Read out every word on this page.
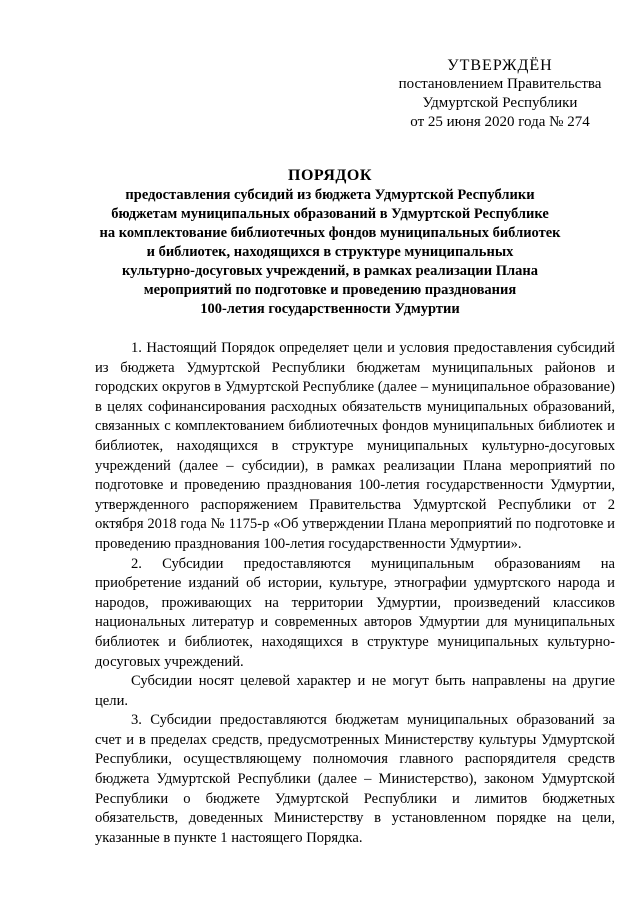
УТВЕРЖДЁН
постановлением Правительства
Удмуртской Республики
от 25 июня 2020 года № 274
ПОРЯДОК
предоставления субсидий из бюджета Удмуртской Республики
бюджетам муниципальных образований в Удмуртской Республике
на комплектование библиотечных фондов муниципальных библиотек
и библиотек, находящихся в структуре муниципальных
культурно-досуговых учреждений, в рамках реализации Плана
мероприятий по подготовке и проведению празднования
100-летия государственности Удмуртии

1. Настоящий Порядок определяет цели и условия предоставления субсидий из бюджета Удмуртской Республики бюджетам муниципальных районов и городских округов в Удмуртской Республике (далее – муниципальное образование) в целях софинансирования расходных обязательств муниципальных образований, связанных с комплектованием библиотечных фондов муниципальных библиотек и библиотек, находящихся в структуре муниципальных культурно-досуговых учреждений (далее – субсидии), в рамках реализации Плана мероприятий по подготовке и проведению празднования 100-летия государственности Удмуртии, утвержденного распоряжением Правительства Удмуртской Республики от 2 октября 2018 года № 1175-р «Об утверждении Плана мероприятий по подготовке и проведению празднования 100-летия государственности Удмуртии».

2. Субсидии предоставляются муниципальным образованиям на приобретение изданий об истории, культуре, этнографии удмуртского народа и народов, проживающих на территории Удмуртии, произведений классиков национальных литератур и современных авторов Удмуртии для муниципальных библиотек и библиотек, находящихся в структуре муниципальных культурно-досуговых учреждений.

Субсидии носят целевой характер и не могут быть направлены на другие цели.

3. Субсидии предоставляются бюджетам муниципальных образований за счет и в пределах средств, предусмотренных Министерству культуры Удмуртской Республики, осуществляющему полномочия главного распорядителя средств бюджета Удмуртской Республики (далее – Министерство), законом Удмуртской Республики о бюджете Удмуртской Республики и лимитов бюджетных обязательств, доведенных Министерству в установленном порядке на цели, указанные в пункте 1 настоящего Порядка.
